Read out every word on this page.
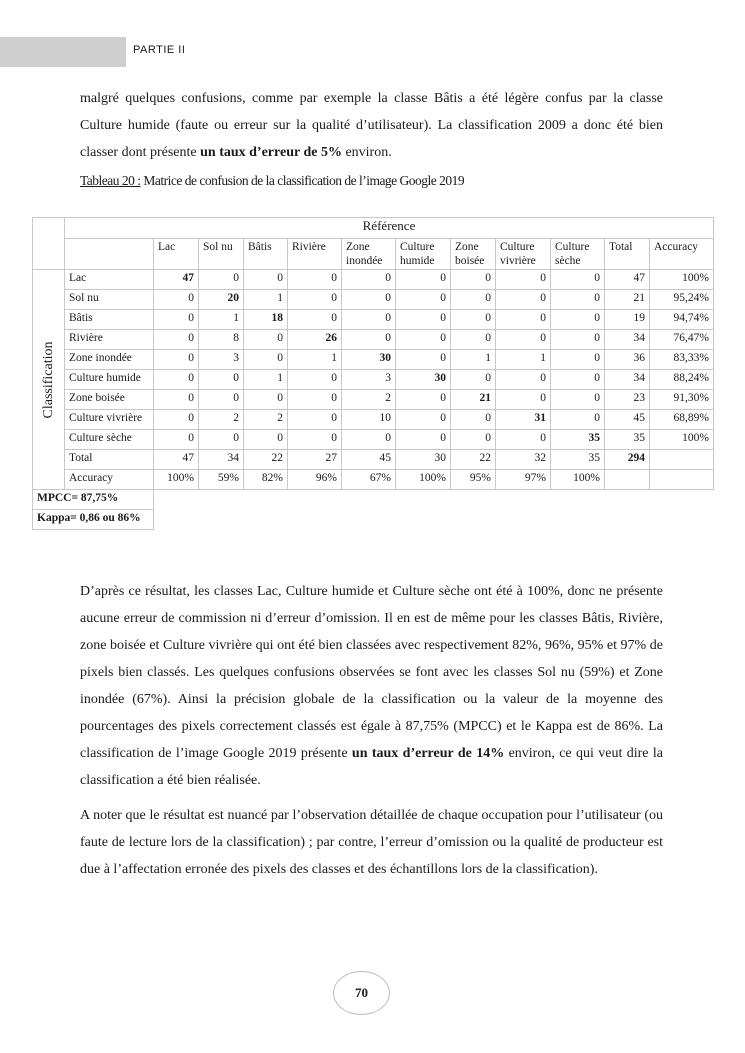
PARTIE II

malgré quelques confusions, comme par exemple la classe Bâtis a été légère confus par la classe Culture humide (faute ou erreur sur la qualité d’utilisateur). La classification 2009 a donc été bien classer dont présente un taux d’erreur de 5% environ.

Tableau 20 : Matrice de confusion de la classification de l’image Google 2019
	Référence											
		Lac	Sol nu	Bâtis	Rivière	Zone inondée	Culture humide	Zone boisée	Culture vivrière	Culture sèche	Total	Accuracy

Classification	Lac	47	0	0	0	0	0	0	0	0	47	100%
	Sol nu	0	20	1	0	0	0	0	0	0	21	95,24%
	Bâtis	0	1	18	0	0	0	0	0	0	19	94,74%
	Rivière	0	8	0	26	0	0	0	0	0	34	76,47%
	Zone inondée	0	3	0	1	30	0	1	1	0	36	83,33%
	Culture humide	0	0	1	0	3	30	0	0	0	34	88,24%
	Zone boisée	0	0	0	0	2	0	21	0	0	23	91,30%
	Culture vivrière	0	2	2	0	10	0	0	31	0	45	68,89%
	Culture sèche	0	0	0	0	0	0	0	0	35	35	100%
	Total	47	34	22	27	45	30	22	32	35	294	
	Accuracy	100%	59%	82%	96%	67%	100%	95%	97%	100%		
MPCC= 87,75%												
Kappa= 0,86 ou 86%												

D’après ce résultat, les classes Lac, Culture humide et Culture sèche ont été à 100%, donc ne présente aucune erreur de commission ni d’erreur d’omission. Il en est de même pour les classes Bâtis, Rivière, zone boisée et Culture vivrière qui ont été bien classées avec respectivement 82%, 96%, 95% et 97% de pixels bien classés. Les quelques confusions observées se font avec les classes Sol nu (59%) et Zone inondée (67%). Ainsi la précision globale de la classification ou la valeur de la moyenne des pourcentages des pixels correctement classés est égale à 87,75% (MPCC) et le Kappa est de 86%. La classification de l’image Google 2019 présente un taux d’erreur de 14% environ, ce qui veut dire la classification a été bien réalisée.

A noter que le résultat est nuancé par l’observation détaillée de chaque occupation pour l’utilisateur (ou faute de lecture lors de la classification) ; par contre, l’erreur d’omission ou la qualité de producteur est due à l’affectation erronée des pixels des classes et des échantillons lors de la classification).

70
